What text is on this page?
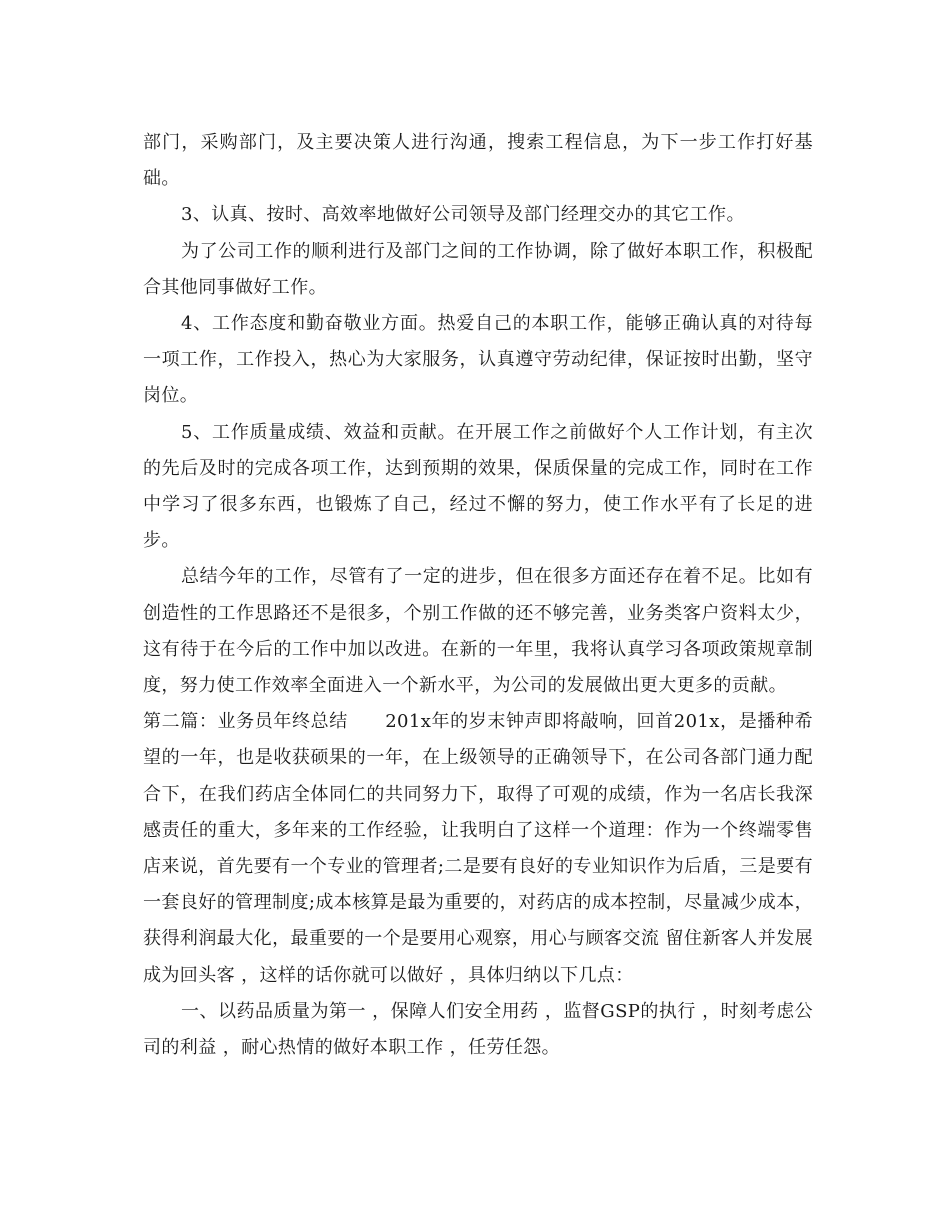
部门，采购部门，及主要决策人进行沟通，搜索工程信息，为下一步工作打好基础。

3、认真、按时、高效率地做好公司领导及部门经理交办的其它工作。

为了公司工作的顺利进行及部门之间的工作协调，除了做好本职工作，积极配合其他同事做好工作。

4、工作态度和勤奋敬业方面。热爱自己的本职工作，能够正确认真的对待每一项工作，工作投入，热心为大家服务，认真遵守劳动纪律，保证按时出勤，坚守岗位。

5、工作质量成绩、效益和贡献。在开展工作之前做好个人工作计划，有主次的先后及时的完成各项工作，达到预期的效果，保质保量的完成工作，同时在工作中学习了很多东西，也锻炼了自己，经过不懈的努力，使工作水平有了长足的进步。

总结今年的工作，尽管有了一定的进步，但在很多方面还存在着不足。比如有创造性的工作思路还不是很多，个别工作做的还不够完善，业务类客户资料太少，这有待于在今后的工作中加以改进。在新的一年里，我将认真学习各项政策规章制度，努力使工作效率全面进入一个新水平，为公司的发展做出更大更多的贡献。

第二篇：业务员年终总结　　201x年的岁末钟声即将敲响，回首201x，是播种希望的一年，也是收获硕果的一年，在上级领导的正确领导下，在公司各部门通力配合下，在我们药店全体同仁的共同努力下，取得了可观的成绩，作为一名店长我深感责任的重大，多年来的工作经验，让我明白了这样一个道理：作为一个终端零售店来说，首先要有一个专业的管理者;二是要有良好的专业知识作为后盾，三是要有一套良好的管理制度;成本核算是最为重要的，对药店的成本控制，尽量减少成本，获得利润最大化，最重要的一个是要用心观察，用心与顾客交流 留住新客人并发展成为回头客 ，这样的话你就可以做好 ，具体归纳以下几点：

一、以药品质量为第一 ，保障人们安全用药 ，监督GSP的执行 ，时刻考虑公司的利益 ，耐心热情的做好本职工作 ，任劳任怨。
